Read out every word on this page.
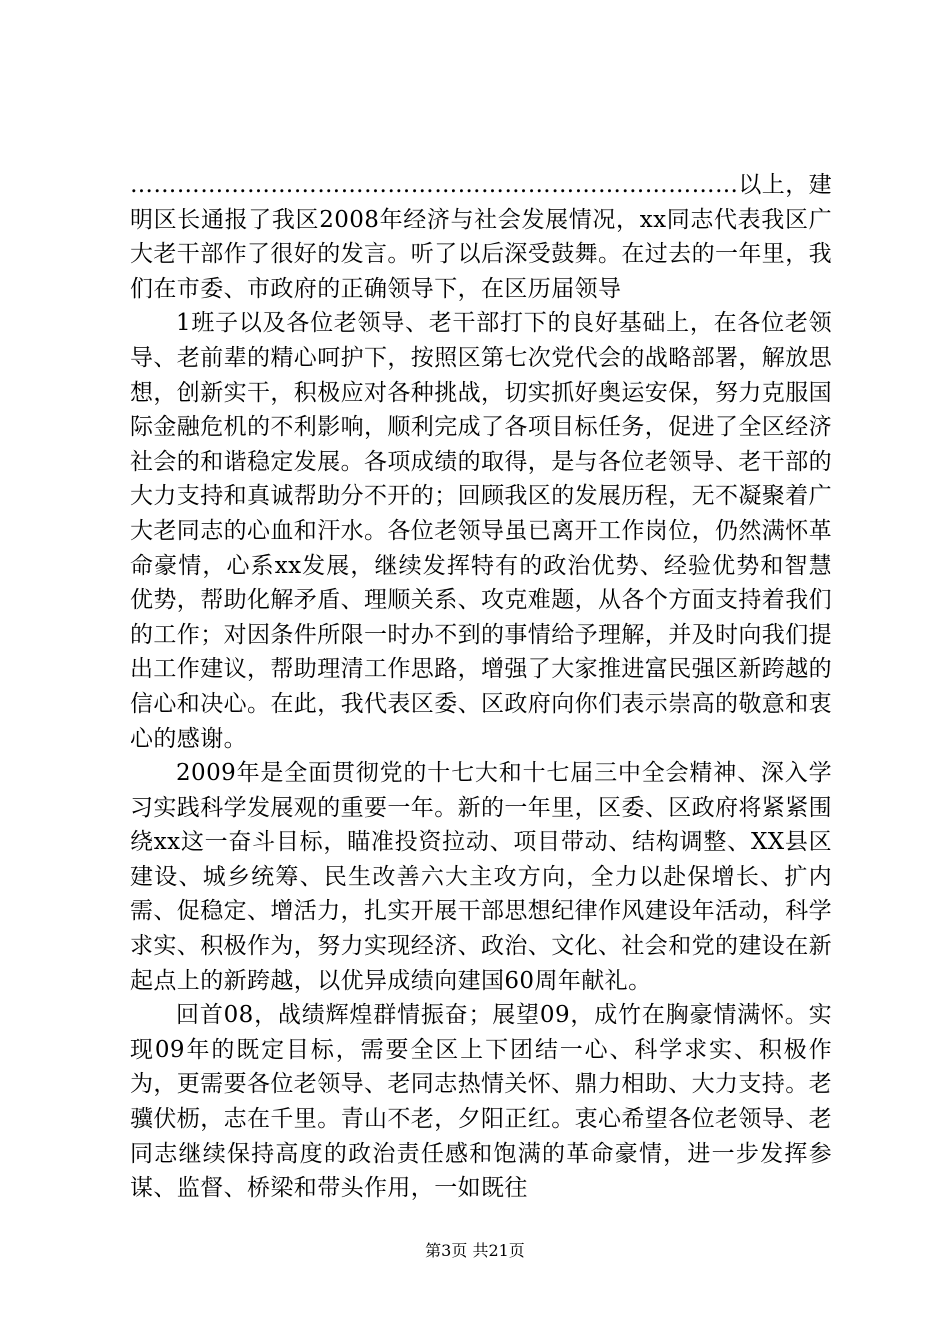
……………………………………………………………………以上，建明区长通报了我区2008年经济与社会发展情况，xx同志代表我区广大老干部作了很好的发言。听了以后深受鼓舞。在过去的一年里，我们在市委、市政府的正确领导下，在区历届领导

1班子以及各位老领导、老干部打下的良好基础上，在各位老领导、老前辈的精心呵护下，按照区第七次党代会的战略部署，解放思想，创新实干，积极应对各种挑战，切实抓好奥运安保，努力克服国际金融危机的不利影响，顺利完成了各项目标任务，促进了全区经济社会的和谐稳定发展。各项成绩的取得，是与各位老领导、老干部的大力支持和真诚帮助分不开的；回顾我区的发展历程，无不凝聚着广大老同志的心血和汗水。各位老领导虽已离开工作岗位，仍然满怀革命豪情，心系xx发展，继续发挥特有的政治优势、经验优势和智慧优势，帮助化解矛盾、理顺关系、攻克难题，从各个方面支持着我们的工作；对因条件所限一时办不到的事情给予理解，并及时向我们提出工作建议，帮助理清工作思路，增强了大家推进富民强区新跨越的信心和决心。在此，我代表区委、区政府向你们表示崇高的敬意和衷心的感谢。

2009年是全面贯彻党的十七大和十七届三中全会精神、深入学习实践科学发展观的重要一年。新的一年里，区委、区政府将紧紧围绕xx这一奋斗目标，瞄准投资拉动、项目带动、结构调整、XX县区建设、城乡统筹、民生改善六大主攻方向，全力以赴保增长、扩内需、促稳定、增活力，扎实开展干部思想纪律作风建设年活动，科学求实、积极作为，努力实现经济、政治、文化、社会和党的建设在新起点上的新跨越，以优异成绩向建国60周年献礼。

回首08，战绩辉煌群情振奋；展望09，成竹在胸豪情满怀。实现09年的既定目标，需要全区上下团结一心、科学求实、积极作为，更需要各位老领导、老同志热情关怀、鼎力相助、大力支持。老骥伏枥，志在千里。青山不老，夕阳正红。衷心希望各位老领导、老同志继续保持高度的政治责任感和饱满的革命豪情，进一步发挥参谋、监督、桥梁和带头作用，一如既往

第3页 共21页
